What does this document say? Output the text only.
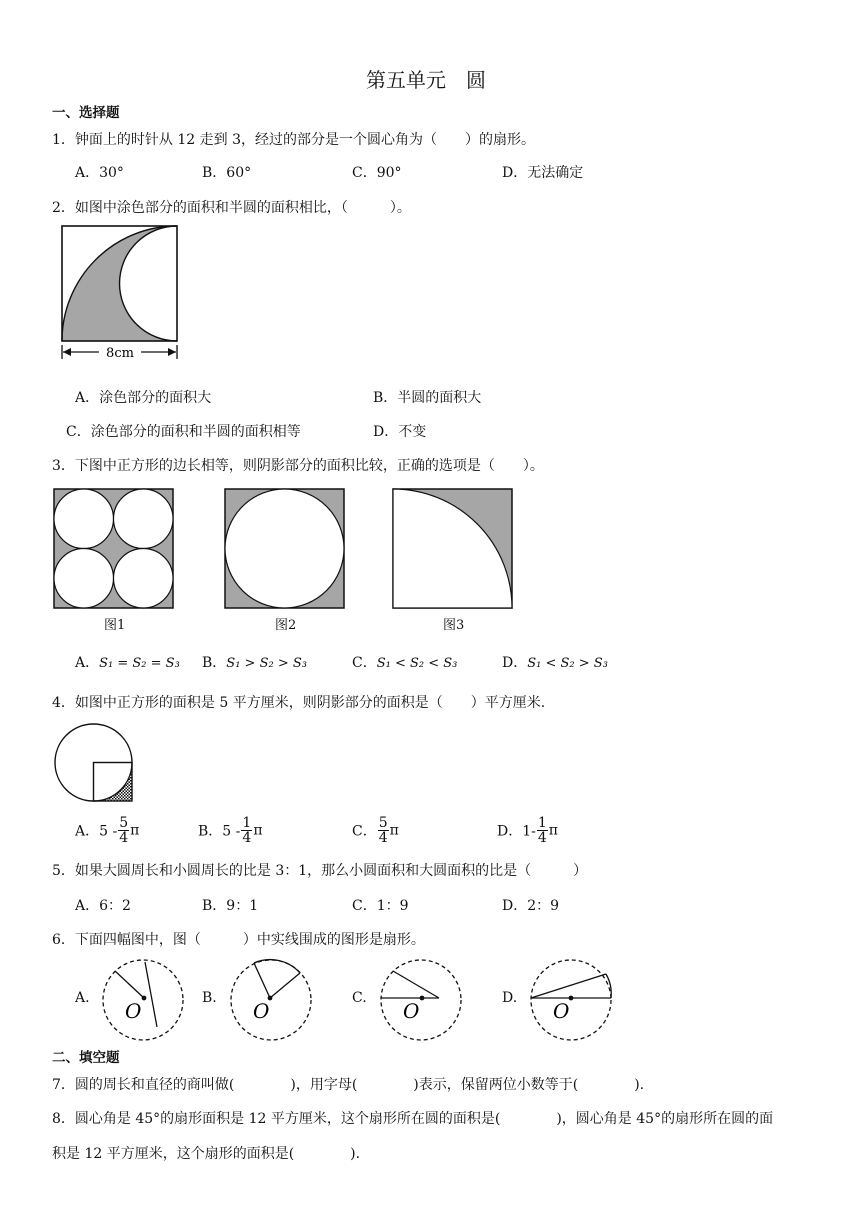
第五单元　圆
一、选择题
1．钟面上的时针从 12 走到 3，经过的部分是一个圆心角为（　　）的扇形。
A．30°	B．60°	C．90°	D．无法确定
2．如图中涂色部分的面积和半圆的面积相比，（　　　）。
8cm
A．涂色部分的面积大	B．半圆的面积大
C．涂色部分的面积和半圆的面积相等	D．不变
3．下图中正方形的边长相等，则阴影部分的面积比较，正确的选项是（　　）。
图1	图2	图3
A．S₁ = S₂ = S₃ B．S₁ > S₂ > S₃	C．S₁ < S₂ < S₃	D．S₁ < S₂ > S₃
4．如图中正方形的面积是 5 平方厘米，则阴影部分的面积是（　　）平方厘米.
A．$5 - \frac{5}{4}$ π	B．$5 - \frac{1}{4}$ π	C． $\frac{5}{4}$ π	D．$1- \frac{1}{4}$ π
5．如果大圆周长和小圆周长的比是 3：1，那么小圆面积和大圆面积的比是（　　　）
A．6：2	B．9：1	C．1：9	D．2：9
6．下面四幅图中，图（　　　）中实线围成的图形是扇形。
A.
O
B.
O
C.
O
D.
O
二、填空题
7．圆的周长和直径的商叫做(　　　　)，用字母(　　　　)表示，保留两位小数等于(　　　　).
8．圆心角是 45°的扇形面积是 12 平方厘米，这个扇形所在圆的面积是(　　　　)，圆心角是 45°的扇形所在圆的面
积是 12 平方厘米，这个扇形的面积是(　　　　).
